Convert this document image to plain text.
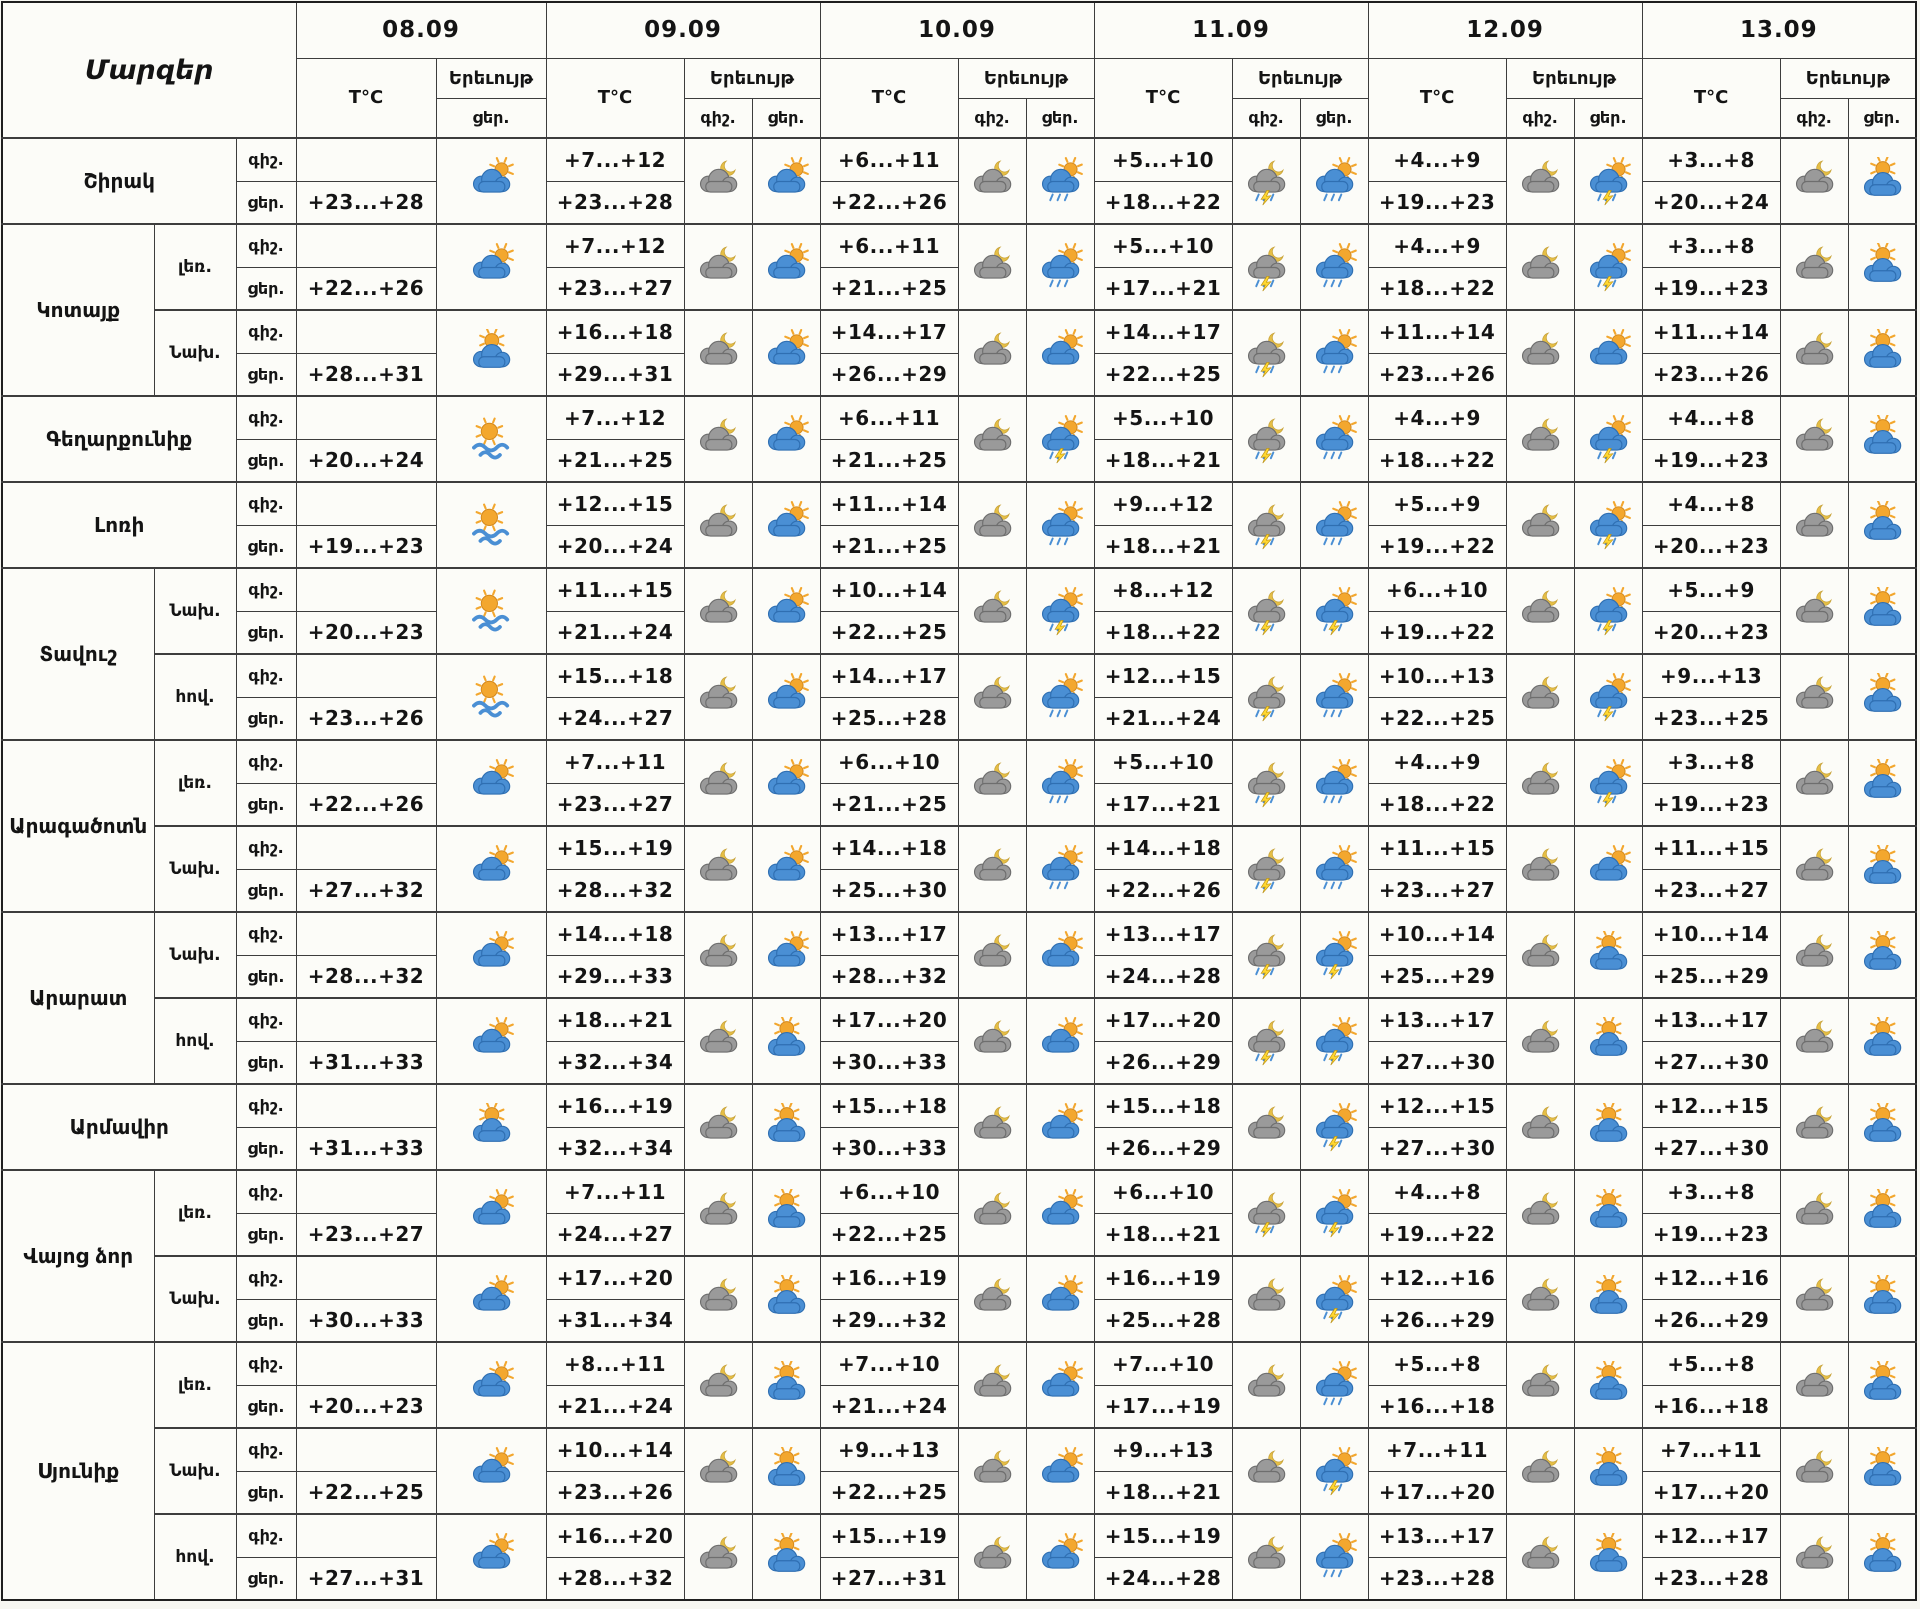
Մարզեր			08.09		09.09			10.09			11.09			12.09			13.09		
			T°C	Երեւույթ	T°C	Երեւույթ		T°C	Երեւույթ		T°C	Երեւույթ		T°C	Երեւույթ		T°C	Երեւույթ	
				ցեր.		գիշ.	ցեր.		գիշ.	ցեր.		գիշ.	ցեր.		գիշ.	ցեր.		գիշ.	ցեր.
Շիրակ		գիշ.			+7...+12			+6...+11			+5...+10			+4...+9			+3...+8	

		ցեր.	+23...+28		+23...+28			+22...+26			+18...+22			+19...+23			+20...+24		
Կոտայք	լեռ.	գիշ.			+7...+12			+6...+11			+5...+10			+4...+9			+3...+8	

		ցեր.	+22...+26		+23...+27			+21...+25			+17...+21			+18...+22			+19...+23		
	Նախ.	գիշ.			+16...+18			+14...+17			+14...+17			+11...+14			+11...+14	

		ցեր.	+28...+31		+29...+31			+26...+29			+22...+25			+23...+26			+23...+26		
Գեղարքունիք		գիշ.			+7...+12			+6...+11			+5...+10			+4...+9			+4...+8	

		ցեր.	+20...+24		+21...+25			+21...+25			+18...+21			+18...+22			+19...+23		
Լոռի		գիշ.			+12...+15			+11...+14			+9...+12			+5...+9			+4...+8	

		ցեր.	+19...+23		+20...+24			+21...+25			+18...+21			+19...+22			+20...+23		
Տավուշ	Նախ.	գիշ.			+11...+15			+10...+14			+8...+12			+6...+10			+5...+9	

		ցեր.	+20...+23		+21...+24			+22...+25			+18...+22			+19...+22			+20...+23		
	հով.	գիշ.			+15...+18			+14...+17			+12...+15			+10...+13			+9...+13	

		ցեր.	+23...+26		+24...+27			+25...+28			+21...+24			+22...+25			+23...+25		
Արագածոտն	լեռ.	գիշ.			+7...+11			+6...+10			+5...+10			+4...+9			+3...+8	

		ցեր.	+22...+26		+23...+27			+21...+25			+17...+21			+18...+22			+19...+23		
	Նախ.	գիշ.			+15...+19			+14...+18			+14...+18			+11...+15			+11...+15	

		ցեր.	+27...+32		+28...+32			+25...+30			+22...+26			+23...+27			+23...+27		
Արարատ	Նախ.	գիշ.			+14...+18			+13...+17			+13...+17			+10...+14			+10...+14	

		ցեր.	+28...+32		+29...+33			+28...+32			+24...+28			+25...+29			+25...+29		
	հով.	գիշ.			+18...+21			+17...+20			+17...+20			+13...+17			+13...+17	

		ցեր.	+31...+33		+32...+34			+30...+33			+26...+29			+27...+30			+27...+30		
Արմավիր		գիշ.			+16...+19			+15...+18			+15...+18			+12...+15			+12...+15	

		ցեր.	+31...+33		+32...+34			+30...+33			+26...+29			+27...+30			+27...+30		
Վայոց ձոր	լեռ.	գիշ.			+7...+11			+6...+10			+6...+10			+4...+8			+3...+8	

		ցեր.	+23...+27		+24...+27			+22...+25			+18...+21			+19...+22			+19...+23		
	Նախ.	գիշ.			+17...+20			+16...+19			+16...+19			+12...+16			+12...+16	

		ցեր.	+30...+33		+31...+34			+29...+32			+25...+28			+26...+29			+26...+29		
Սյունիք	լեռ.	գիշ.			+8...+11			+7...+10			+7...+10			+5...+8			+5...+8	

		ցեր.	+20...+23		+21...+24			+21...+24			+17...+19			+16...+18			+16...+18		
	Նախ.	գիշ.			+10...+14			+9...+13			+9...+13			+7...+11			+7...+11	

		ցեր.	+22...+25		+23...+26			+22...+25			+18...+21			+17...+20			+17...+20		
	հով.	գիշ.			+16...+20			+15...+19			+15...+19			+13...+17			+12...+17	

		ցեր.	+27...+31		+28...+32			+27...+31			+24...+28			+23...+28			+23...+28		
